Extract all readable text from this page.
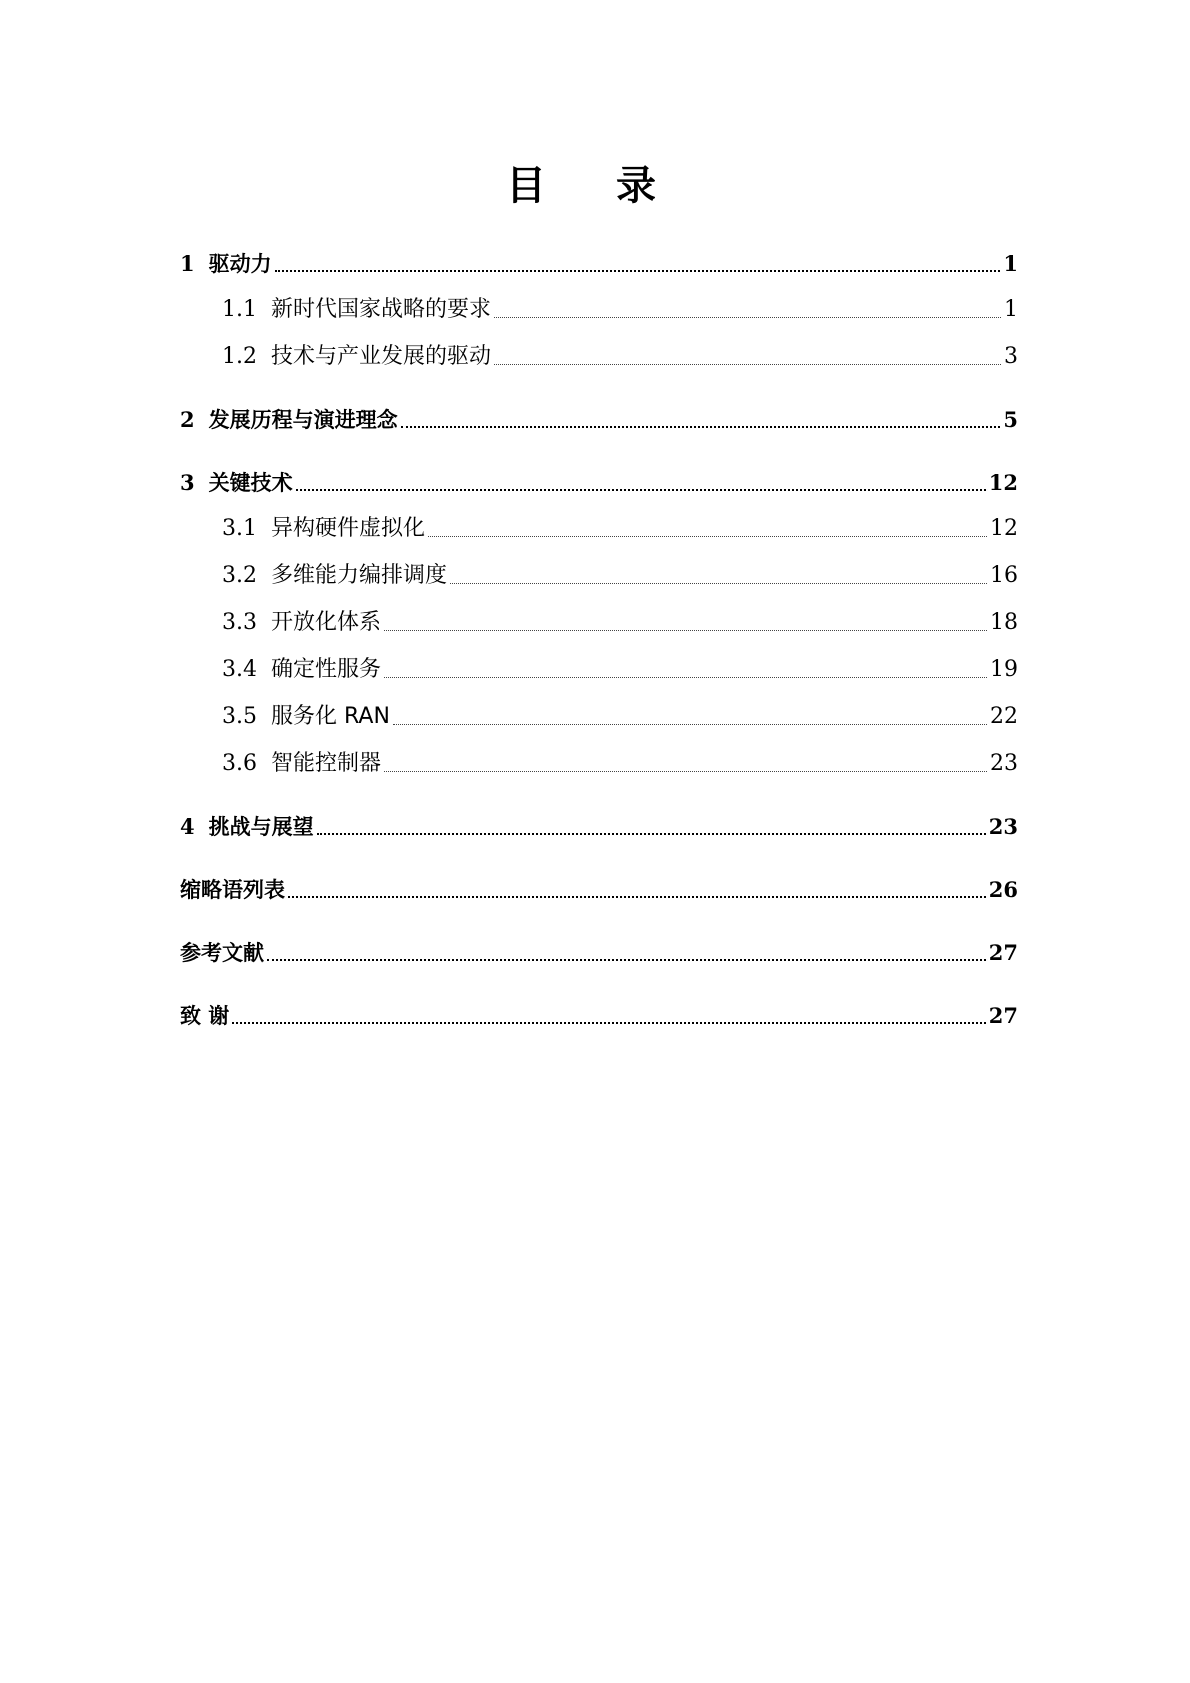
目 录
1 驱动力	1
1.1 新时代国家战略的要求	1
1.2 技术与产业发展的驱动	3
2 发展历程与演进理念	5
3 关键技术	12
3.1 异构硬件虚拟化	12
3.2 多维能力编排调度	16
3.3 开放化体系	18
3.4 确定性服务	19
3.5 服务化 RAN	22
3.6 智能控制器	23
4 挑战与展望	23
缩略语列表	26
参考文献	27
致 谢	27
